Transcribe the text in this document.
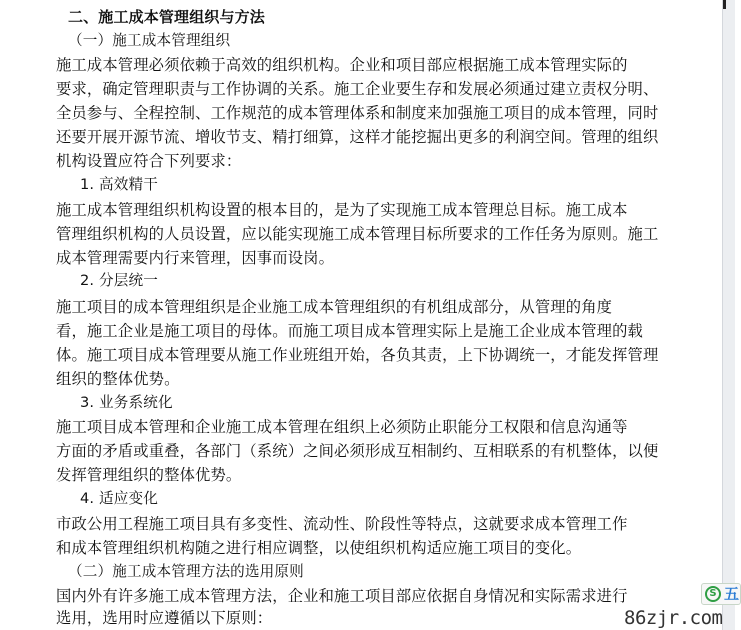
二、施工成本管理组织与方法
（一）施工成本管理组织
施工成本管理必须依赖于高效的组织机构。企业和项目部应根据施工成本管理实际的
要求，确定管理职责与工作协调的关系。施工企业要生存和发展必须通过建立责权分明、
全员参与、全程控制、工作规范的成本管理体系和制度来加强施工项目的成本管理，同时
还要开展开源节流、增收节支、精打细算，这样才能挖掘出更多的利润空间。管理的组织
机构设置应符合下列要求：
1. 高效精干
施工成本管理组织机构设置的根本目的，是为了实现施工成本管理总目标。施工成本
管理组织机构的人员设置，应以能实现施工成本管理目标所要求的工作任务为原则。施工
成本管理需要内行来管理，因事而设岗。
2. 分层统一
施工项目的成本管理组织是企业施工成本管理组织的有机组成部分，从管理的角度
看，施工企业是施工项目的母体。而施工项目成本管理实际上是施工企业成本管理的载
体。施工项目成本管理要从施工作业班组开始，各负其责，上下协调统一，才能发挥管理
组织的整体优势。
3. 业务系统化
施工项目成本管理和企业施工成本管理在组织上必须防止职能分工权限和信息沟通等
方面的矛盾或重叠，各部门（系统）之间必须形成互相制约、互相联系的有机整体，以便
发挥管理组织的整体优势。
4. 适应变化
市政公用工程施工项目具有多变性、流动性、阶段性等特点，这就要求成本管理工作
和成本管理组织机构随之进行相应调整，以使组织机构适应施工项目的变化。
（二）施工成本管理方法的选用原则
国内外有许多施工成本管理方法，企业和施工项目部应依据自身情况和实际需求进行
选用，选用时应遵循以下原则：
S 五
86zjr.com
